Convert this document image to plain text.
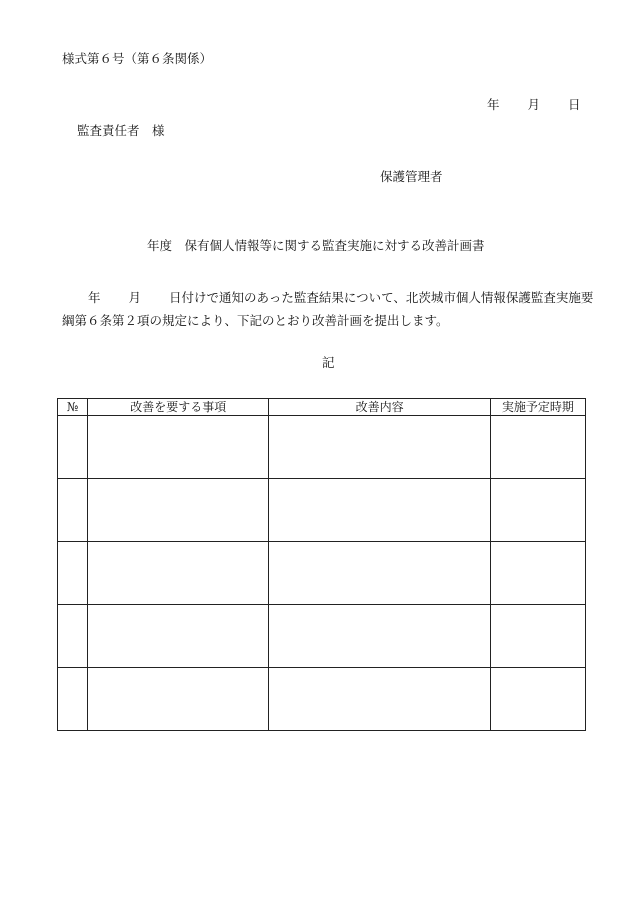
様式第６号（第６条関係）
年 月 日
監査責任者　様
保護管理者
年度　保有個人情報等に関する監査実施に対する改善計画書
年 月 日付けで通知のあった監査結果について、北茨城市個人情報保護監査実施要綱第６条第２項の規定により、下記のとおり改善計画を提出します。
記
№	改善を要する事項	改善内容	実施予定時期
